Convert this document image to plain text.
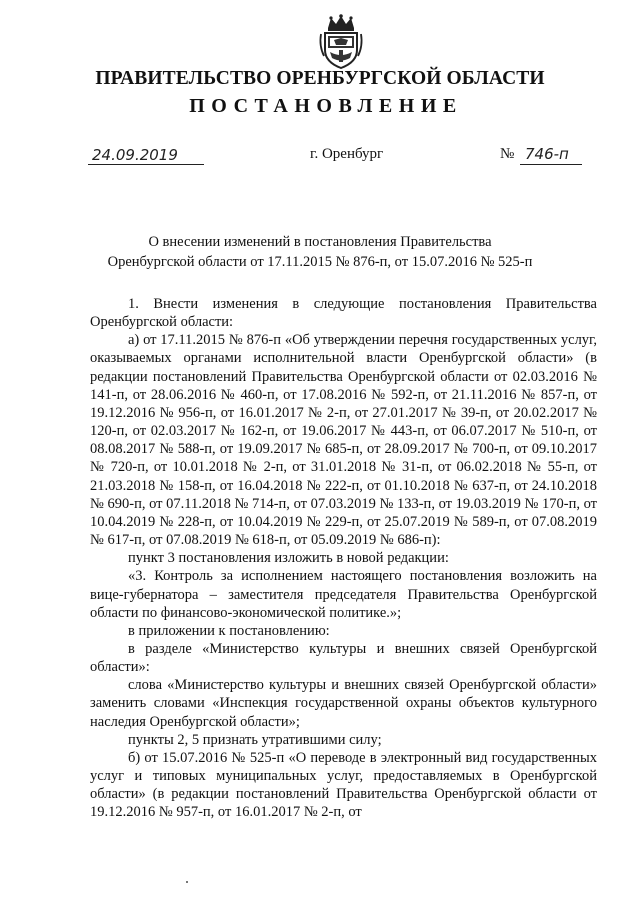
ПРАВИТЕЛЬСТВО ОРЕНБУРГСКОЙ ОБЛАСТИ
ПОСТАНОВЛЕНИЕ
24.09.2019	г. Оренбург	№ 746-п
О внесении изменений в постановления Правительства
Оренбургской области от 17.11.2015 № 876-п, от 15.07.2016 № 525-п

1. Внести изменения в следующие постановления Правительства Оренбургской области:

а) от 17.11.2015 № 876-п «Об утверждении перечня государственных услуг, оказываемых органами исполнительной власти Оренбургской области» (в редакции постановлений Правительства Оренбургской области от 02.03.2016 № 141-п, от 28.06.2016 № 460-п, от 17.08.2016 № 592-п, от 21.11.2016 № 857-п, от 19.12.2016 № 956-п, от 16.01.2017 № 2-п, от 27.01.2017 № 39-п, от 20.02.2017 № 120-п, от 02.03.2017 № 162-п, от 19.06.2017 № 443-п, от 06.07.2017 № 510-п, от 08.08.2017 № 588-п, от 19.09.2017 № 685-п, от 28.09.2017 № 700-п, от 09.10.2017 № 720-п, от 10.01.2018 № 2-п, от 31.01.2018 № 31-п, от 06.02.2018 № 55-п, от 21.03.2018 № 158-п, от 16.04.2018 № 222-п, от 01.10.2018 № 637-п, от 24.10.2018 № 690-п, от 07.11.2018 № 714-п, от 07.03.2019 № 133-п, от 19.03.2019 № 170-п, от 10.04.2019 № 228-п, от 10.04.2019 № 229-п, от 25.07.2019 № 589-п, от 07.08.2019 № 617-п, от 07.08.2019 № 618-п, от 05.09.2019 № 686-п):

пункт 3 постановления изложить в новой редакции:

«3. Контроль за исполнением настоящего постановления возложить на вице-губернатора – заместителя председателя Правительства Оренбургской области по финансово-экономической политике.»;

в приложении к постановлению:

в разделе «Министерство культуры и внешних связей Оренбургской области»:

слова «Министерство культуры и внешних связей Оренбургской области» заменить словами «Инспекция государственной охраны объектов культурного наследия Оренбургской области»;

пункты 2, 5 признать утратившими силу;

б) от 15.07.2016 № 525-п «О переводе в электронный вид государственных услуг и типовых муниципальных услуг, предоставляемых в Оренбургской области» (в редакции постановлений Правительства Оренбургской области от 19.12.2016 № 957-п, от 16.01.2017 № 2-п, от
